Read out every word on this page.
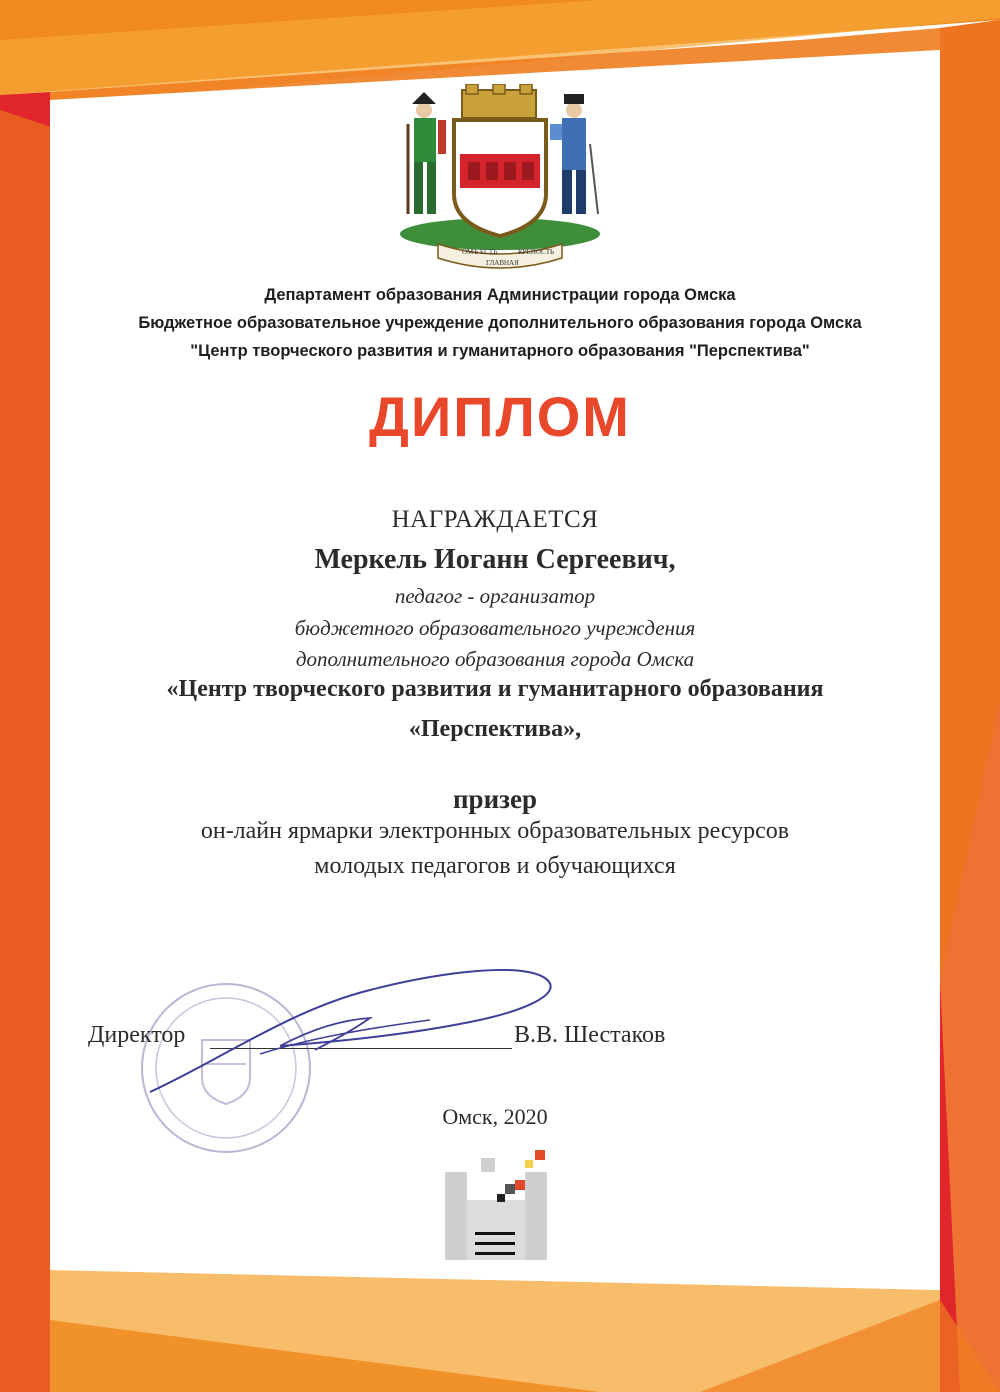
ОМЪ ЕСТЬ
ГЛАВНАЯ
КРЕПОСТЬ
Департамент образования Администрации города Омска
Бюджетное образовательное учреждение дополнительного образования города Омска
"Центр творческого развития и гуманитарного образования "Перспектива"
ДИПЛОМ
НАГРАЖДАЕТСЯ
Меркель Иоганн Сергеевич,
педагог - организатор
бюджетного образовательного учреждения
дополнительного образования города Омска
«Центр творческого развития и гуманитарного образования
«Перспектива»,
призер
он-лайн ярмарки электронных образовательных ресурсов
молодых педагогов и обучающихся
Директор	В.В. Шестаков
Омск, 2020
